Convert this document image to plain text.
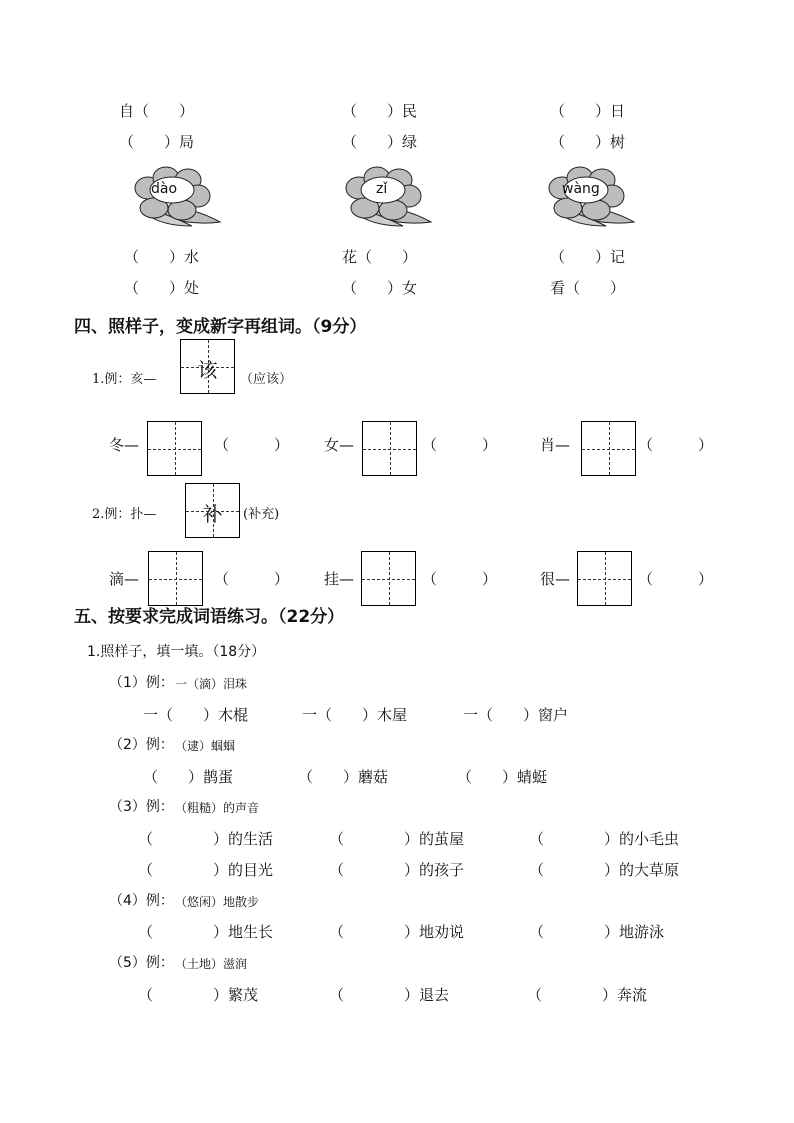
自（　　）	（　　）民	（　　）日
（　　）局	（　　）绿	（　　）树
dào	zǐ	wàng
（　　）水	花（　　）	（　　）记
（　　）处	（　　）女	看（　　）
四、照样子，变成新字再组词。（9分）
1.例：亥—	该	（应该）
冬—	（　　　） 女—	（　　　）	肖—	（　　　）
2.例：扑—	补	(补充)
滴—	（　　　） 挂—	（　　　）	很—	（　　　）
五、按要求完成词语练习。（22分）
1.照样子，填一填。（18分）
（1）例： 一（滴）泪珠
一（　　）木棍	一（　　）木屋	一（　　）窗户
（2）例： （逮）蝈蝈
（　　）鹊蛋	（　　）蘑菇	（　　）蜻蜓
（3）例： （粗糙）的声音
（　　　　）的生活	（　　　　）的茧屋	（　　　　）的小毛虫
（　　　　）的目光	（　　　　）的孩子	（　　　　）的大草原
（4）例： （悠闲）地散步
（　　　　）地生长	（　　　　）地劝说	（　　　　）地游泳
（5）例： （土地）滋润
（　　　　）繁茂	（　　　　）退去	（　　　　）奔流
